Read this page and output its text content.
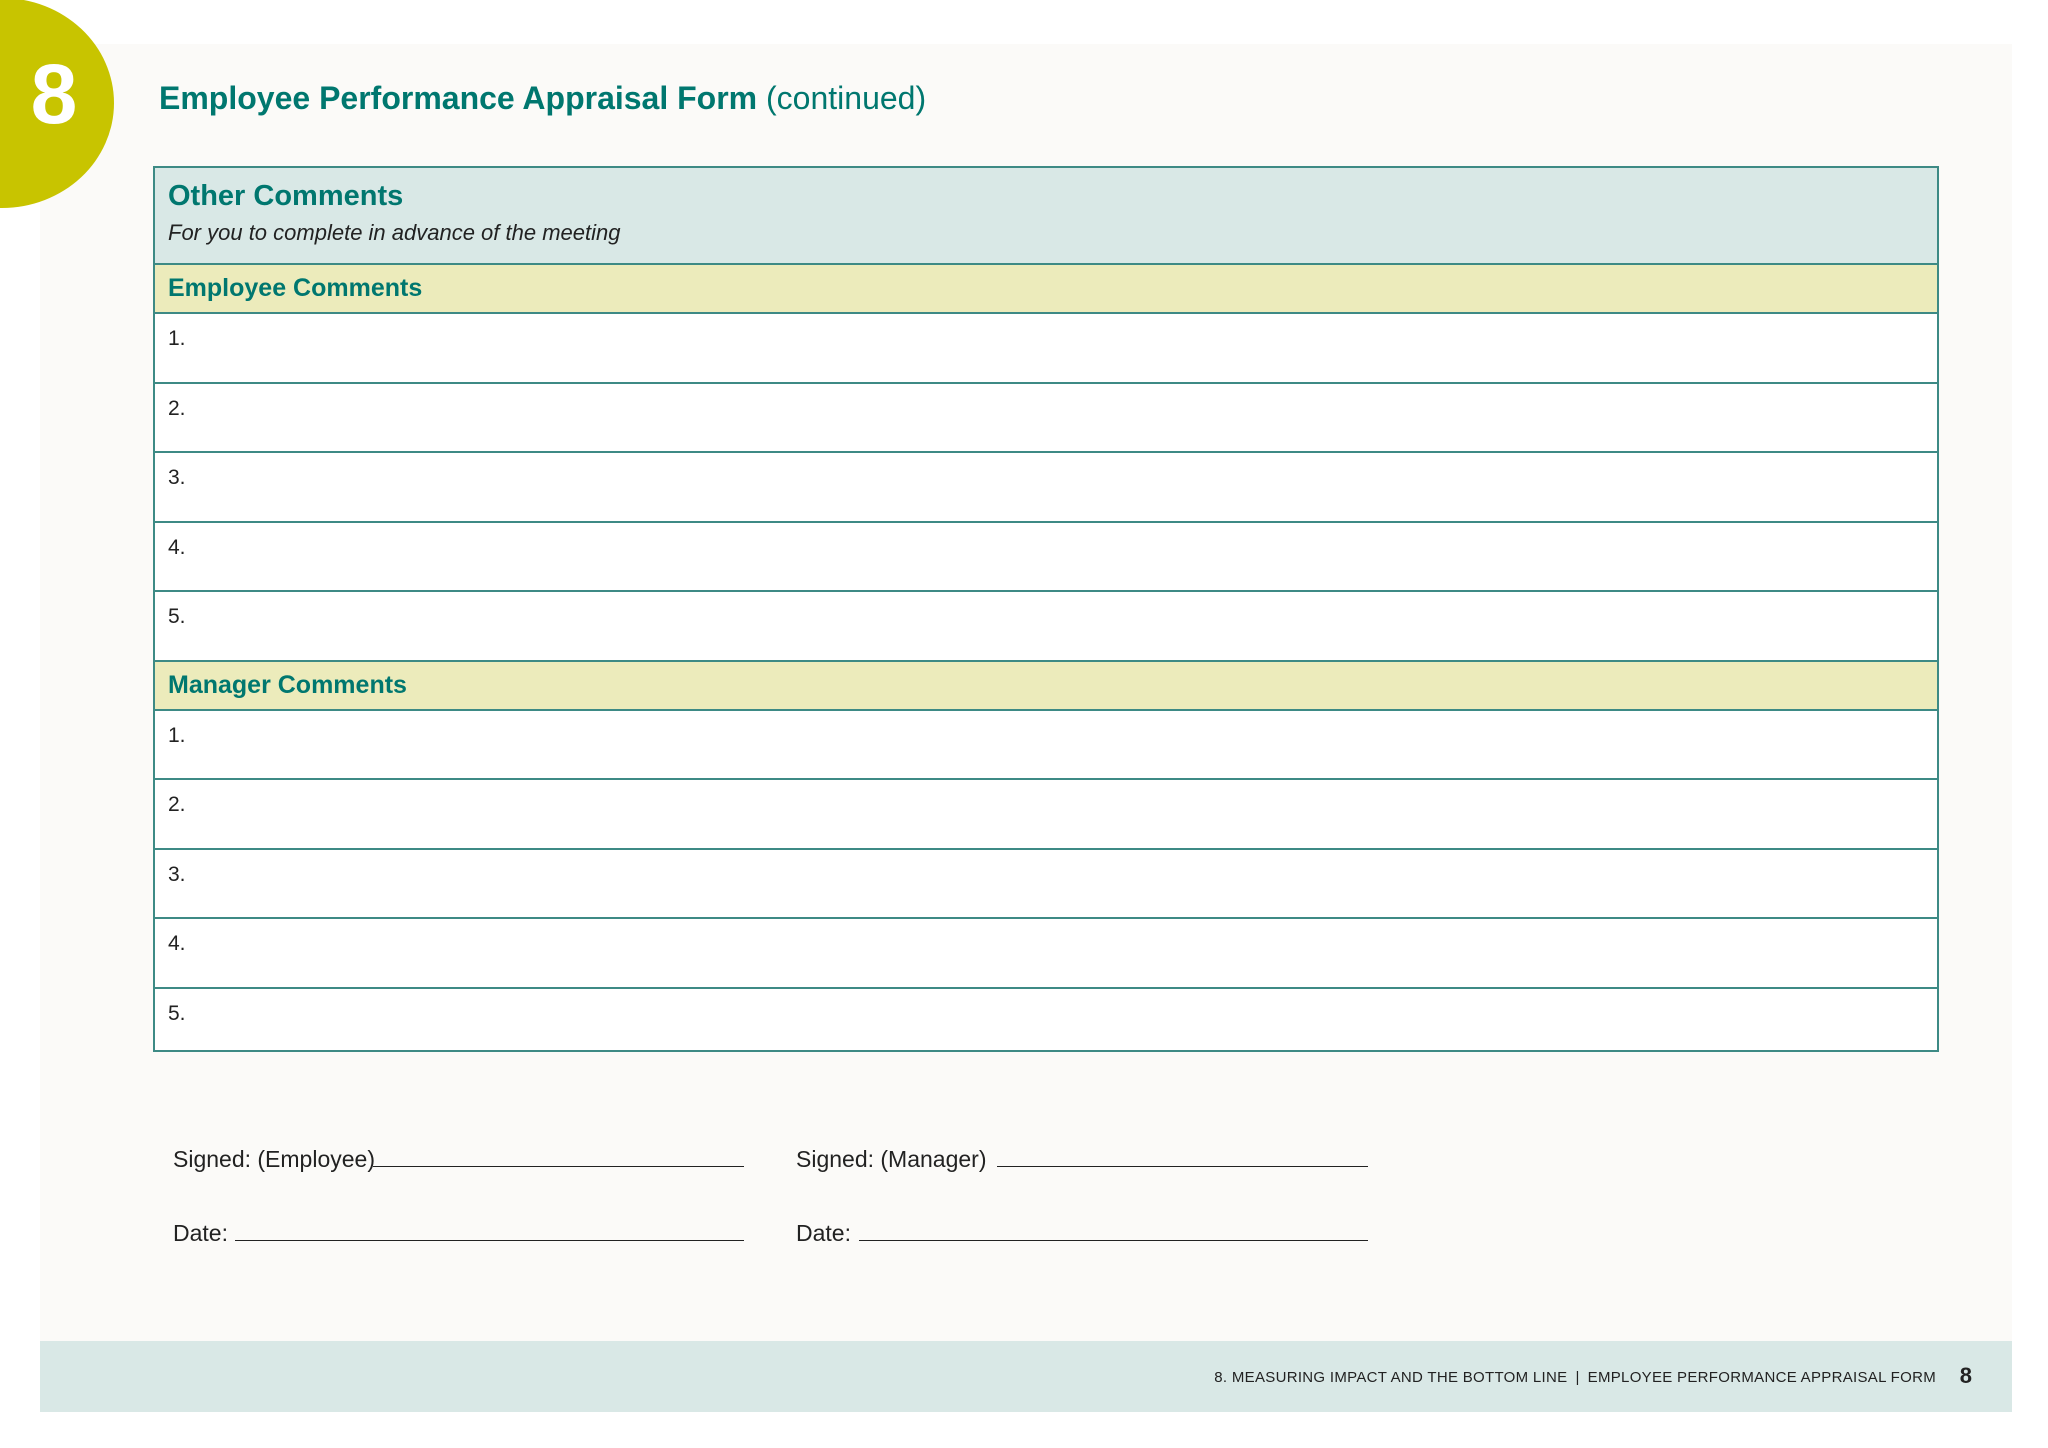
8	Employee Performance Appraisal Form (continued)
Other Comments
For you to complete in advance of the meeting
Employee Comments
1.
2.
3.
4.
5.
Manager Comments
1.
2.
3.
4.
5.
Signed: (Employee)	Signed: (Manager)
Date:	Date:
8. MEASURING IMPACT AND THE BOTTOM LINE | EMPLOYEE PERFORMANCE APPRAISAL FORM 8
